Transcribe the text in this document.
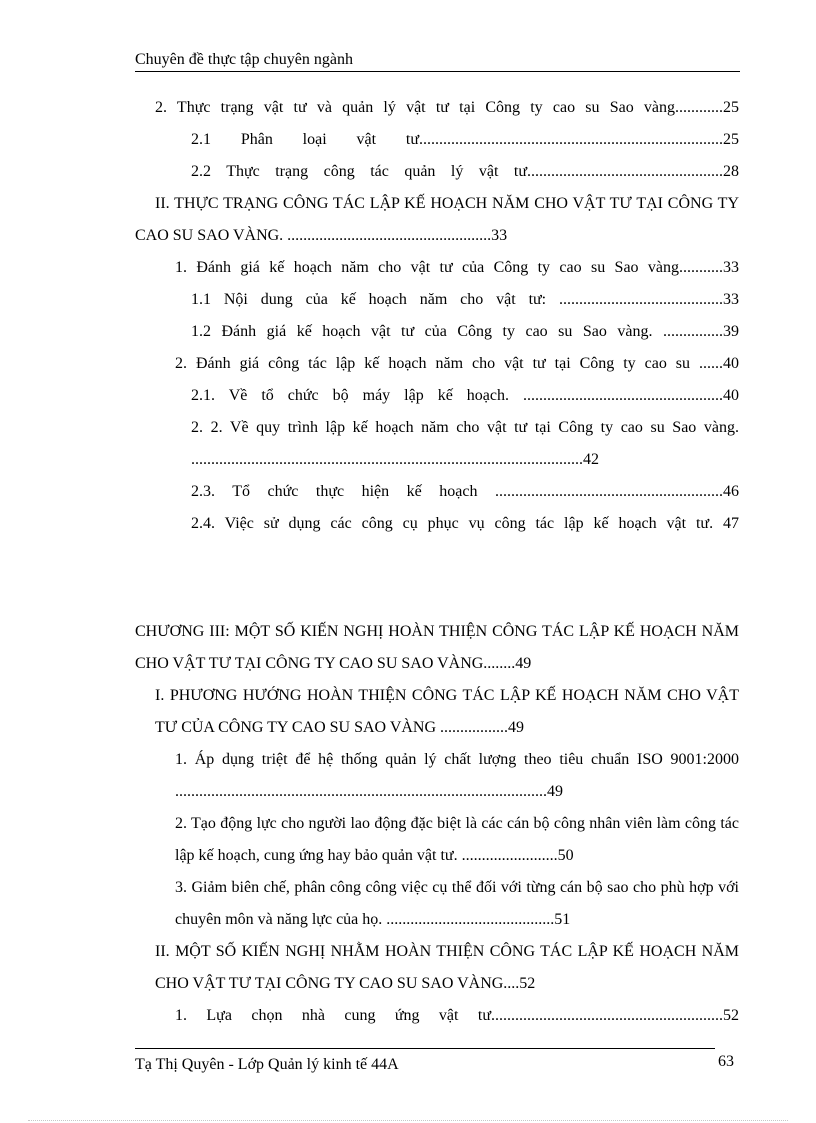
Chuyên đề thực tập chuyên ngành
2. Thực trạng vật tư và quản lý vật tư tại Công ty cao su Sao vàng............25
2.1 Phân loại vật tư............................................................................25
2.2 Thực trạng công tác quản lý vật tư.................................................28
II. THỰC TRẠNG CÔNG TÁC LẬP KẾ HOẠCH NĂM CHO VẬT TƯ TẠI CÔNG TY CAO SU SAO VÀNG. ...................................................33
1. Đánh giá kế hoạch năm cho vật tư của Công ty cao su Sao vàng...........33
1.1 Nội dung của kế hoạch năm cho vật tư: .........................................33
1.2 Đánh giá kế hoạch vật tư của Công ty cao su Sao vàng. ...............39
2. Đánh giá công tác lập kế hoạch năm cho vật tư tại Công ty cao su ......40
2.1. Về tổ chức bộ máy lập kế hoạch. ..................................................40
2. 2. Về quy trình lập kế hoạch năm cho vật tư tại Công ty cao su Sao vàng. ..................................................................................................42
2.3. Tổ chức thực hiện kế hoạch .........................................................46
2.4. Việc sử dụng các công cụ phục vụ công tác lập kế hoạch vật tư. 47
CHƯƠNG III: MỘT SỐ KIẾN NGHỊ HOÀN THIỆN CÔNG TÁC LẬP KẾ HOẠCH NĂM CHO VẬT TƯ TẠI CÔNG TY CAO SU SAO VÀNG........49
I. PHƯƠNG HƯỚNG HOÀN THIỆN CÔNG TÁC LẬP KẾ HOẠCH NĂM CHO VẬT TƯ CỦA CÔNG TY CAO SU SAO VÀNG .................49
1. Áp dụng triệt để hệ thống quản lý chất lượng theo tiêu chuẩn ISO 9001:2000 .............................................................................................49
2. Tạo động lực cho người lao động đặc biệt là các cán bộ công nhân viên làm công tác lập kế hoạch, cung ứng hay bảo quản vật tư. ........................50
3. Giảm biên chế, phân công công việc cụ thể đối với từng cán bộ sao cho phù hợp với chuyên môn và năng lực của họ. ..........................................51
II. MỘT SỐ KIẾN NGHỊ NHẰM HOÀN THIỆN CÔNG TÁC LẬP KẾ HOẠCH NĂM CHO VẬT TƯ TẠI CÔNG TY CAO SU SAO VÀNG....52
1. Lựa chọn nhà cung ứng vật tư..........................................................52
Tạ Thị Quyên - Lớp Quản lý kinh tế 44A	63
